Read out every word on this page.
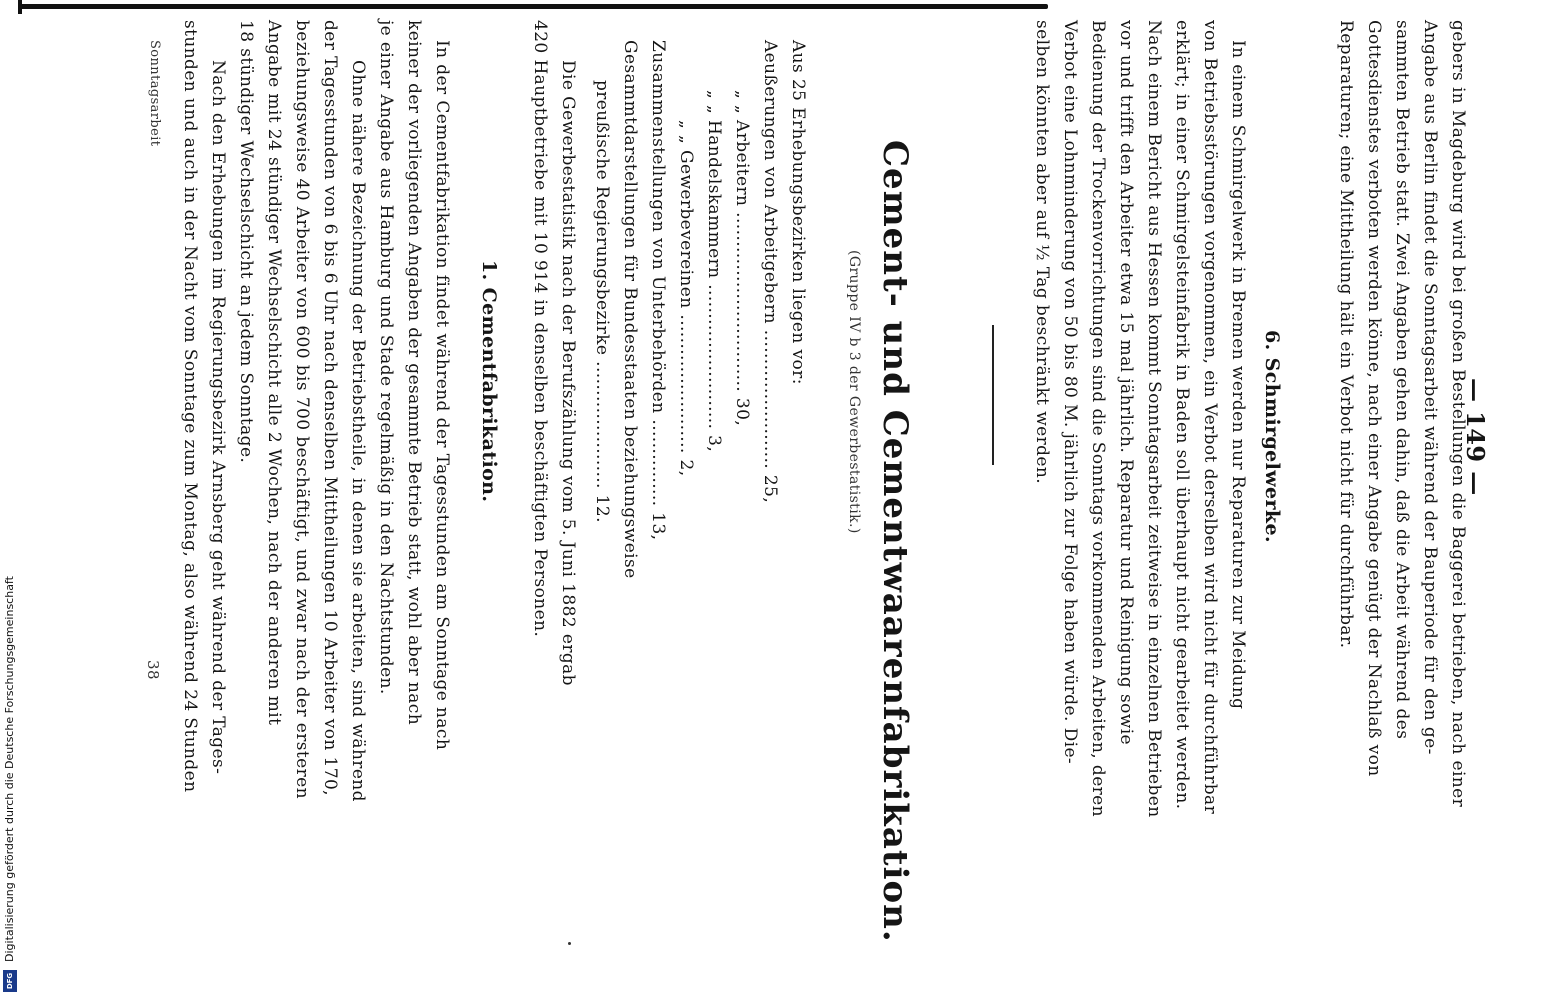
— 149 —
gebers in Magdeburg wird bei großen Bestellungen die Baggerei betrieben, nach einer
Angabe aus Berlin findet die Sonntagsarbeit während der Bauperiode für den ge-
sammten Betrieb statt. Zwei Angaben gehen dahin, daß die Arbeit während des
Gottesdienstes verboten werden könne, nach einer Angabe genügt der Nachlaß von
Reparaturen; eine Mittheilung hält ein Verbot nicht für durchführbar.
6. Schmirgelwerke.
In einem Schmirgelwerk in Bremen werden nur Reparaturen zur Meidung
von Betriebsstörungen vorgenommen, ein Verbot derselben wird nicht für durchführbar
erklärt; in einer Schmirgelsteinfabrik in Baden soll überhaupt nicht gearbeitet werden.
Nach einem Bericht aus Hessen kommt Sonntagsarbeit zeitweise in einzelnen Betrieben
vor und trifft den Arbeiter etwa 15 mal jährlich. Reparatur und Reinigung sowie
Bedienung der Trockenvorrichtungen sind die Sonntags vorkommenden Arbeiten, deren
Verbot eine Lohnminderung von 50 bis 80 M. jährlich zur Folge haben würde. Die-
selben könnten aber auf ½ Tag beschränkt werden.
Cement- und Cementwaarenfabrikation.
(Gruppe IV b 3 der Gewerbestatistik.)
Aus 25 Erhebungsbezirken liegen vor:
Aeußerungen von Arbeitgebern ........................ 25,
„ „ Arbeitern ............................... 30,
„ „ Handelskammern ......................... 3,
„ „ Gewerbevereinen ........................ 2,
Zusammenstellungen von Unterbehörden ............... 13,
Gesammtdarstellungen für Bundesstaaten beziehungsweise
preußische Regierungsbezirke ...................... 12.
Die Gewerbestatistik nach der Berufszählung vom 5. Juni 1882 ergab
420 Hauptbetriebe mit 10 914 in denselben beschäftigten Personen.
1. Cementfabrikation.
In der Cementfabrikation findet während der Tagesstunden am Sonntage nach
keiner der vorliegenden Angaben der gesammte Betrieb statt, wohl aber nach
je einer Angabe aus Hamburg und Stade regelmäßig in den Nachtstunden.
Ohne nähere Bezeichnung der Betriebstheile, in denen sie arbeiten, sind während
der Tagesstunden von 6 bis 6 Uhr nach denselben Mittheilungen 10 Arbeiter von 170,
beziehungsweise 40 Arbeiter von 600 bis 700 beschäftigt, und zwar nach der ersteren
Angabe mit 24 stündiger Wechselschicht alle 2 Wochen, nach der anderen mit
18 stündiger Wechselschicht an jedem Sonntage.
Nach den Erhebungen im Regierungsbezirk Arnsberg geht während der Tages-
stunden und auch in der Nacht vom Sonntage zum Montag, also während 24 Stunden
Sonntagsarbeit
38
Digitalisierung gefördert durch die Deutsche Forschungsgemeinschaft
DFG
